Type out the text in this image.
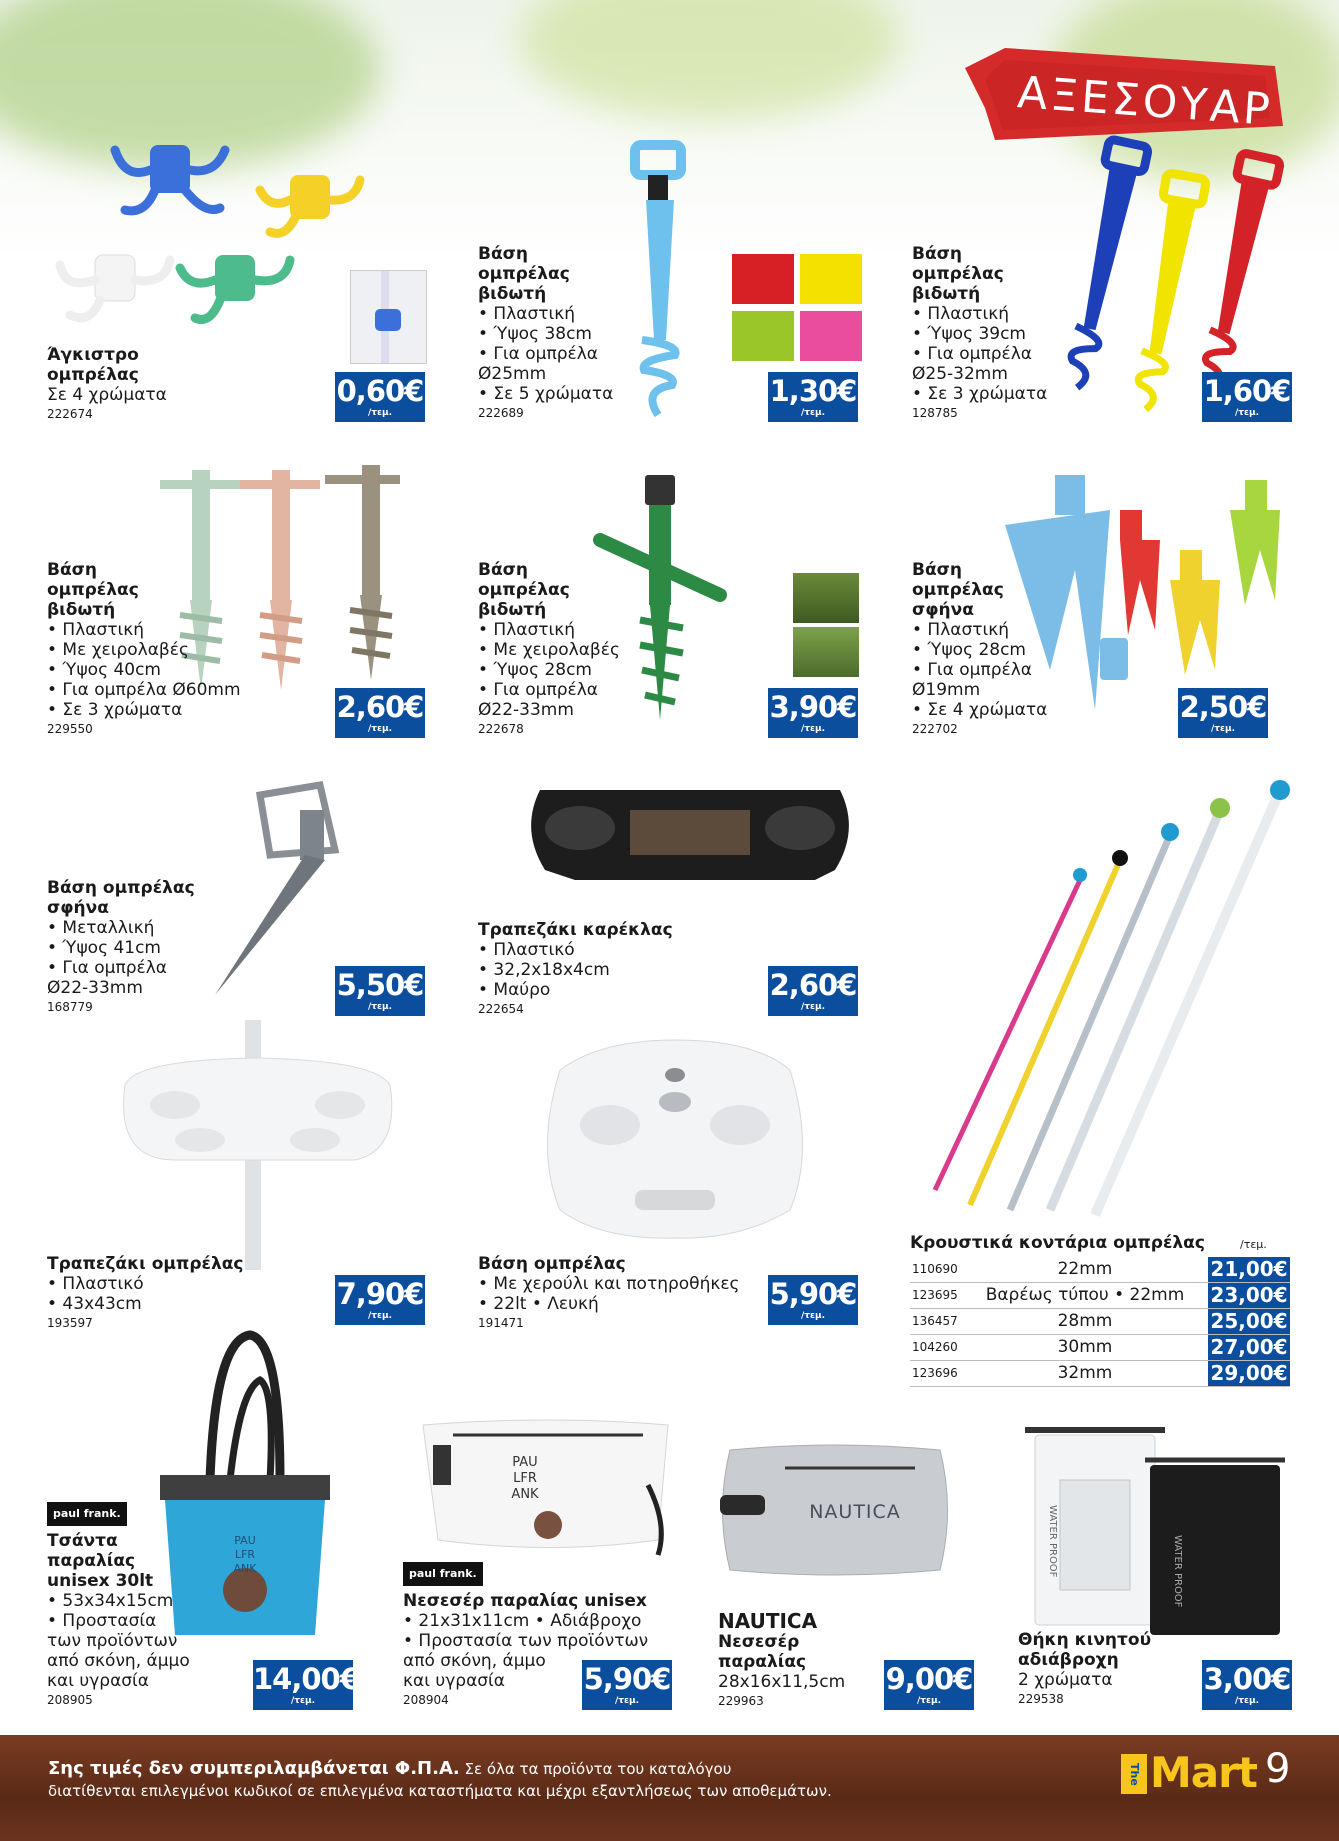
ΑΞΕΣΟΥΑΡ
Άγκιστρο
ομπρέλας
Σε 4 χρώματα
222674
0,60€
/τεμ.
Βάση
ομπρέλας
βιδωτή
• Πλαστική
• Ύψος 38cm
• Για ομπρέλα
Ø25mm
• Σε 5 χρώματα
222689
1,30€
/τεμ.
Βάση
ομπρέλας
βιδωτή
• Πλαστική
• Ύψος 39cm
• Για ομπρέλα
Ø25-32mm
• Σε 3 χρώματα
128785
1,60€
/τεμ.
Βάση
ομπρέλας
βιδωτή
• Πλαστική
• Με χειρολαβές
• Ύψος 40cm
• Για ομπρέλα Ø60mm
• Σε 3 χρώματα
229550
2,60€
/τεμ.
Βάση
ομπρέλας
βιδωτή
• Πλαστική
• Με χειρολαβές
• Ύψος 28cm
• Για ομπρέλα
Ø22-33mm
222678
3,90€
/τεμ.
Βάση
ομπρέλας
σφήνα
• Πλαστική
• Ύψος 28cm
• Για ομπρέλα
Ø19mm
• Σε 4 χρώματα
222702
2,50€
/τεμ.
Βάση ομπρέλας
σφήνα
• Μεταλλική
• Ύψος 41cm
• Για ομπρέλα
Ø22-33mm
168779
5,50€
/τεμ.
Τραπεζάκι καρέκλας
• Πλαστικό
• 32,2x18x4cm
• Μαύρο
222654
2,60€
/τεμ.
Τραπεζάκι ομπρέλας
• Πλαστικό
• 43x43cm
193597
7,90€
/τεμ.
Βάση ομπρέλας
• Με χερούλι και ποτηροθήκες
• 22lt • Λευκή
191471
5,90€
/τεμ.
Κρουστικά κοντάρια ομπρέλας	/τεμ.
110690	22mm	21,00€
123695	Βαρέως τύπου • 22mm	23,00€
136457	28mm	25,00€
104260	30mm	27,00€
123696	32mm	29,00€
PAU
LFR
ANK
paul frank.
Τσάντα
παραλίας
unisex 30lt
• 53x34x15cm
• Προστασία
των προϊόντων
από σκόνη, άμμο
και υγρασία
208905
14,00€
/τεμ.
PAU
LFR
ANK
paul frank.
Νεσεσέρ παραλίας unisex
• 21x31x11cm • Αδιάβροχο
• Προστασία των προϊόντων
από σκόνη, άμμο
και υγρασία
208904
5,90€
/τεμ.
NAUTICA
NAUTICA
Νεσεσέρ
παραλίας
28x16x11,5cm
229963
9,00€
/τεμ.
WATER PROOF	WATER PROOF
Θήκη κινητού
αδιάβροχη
2 χρώματα
229538
3,00€
/τεμ.
Σης τιμές δεν συμπεριλαμβάνεται Φ.Π.Α. Σε όλα τα προϊόντα του καταλόγου
διατίθενται επιλεγμένοι κωδικοί σε επιλεγμένα καταστήματα και μέχρι εξαντλήσεως των αποθεμάτων.
The Mart 9
